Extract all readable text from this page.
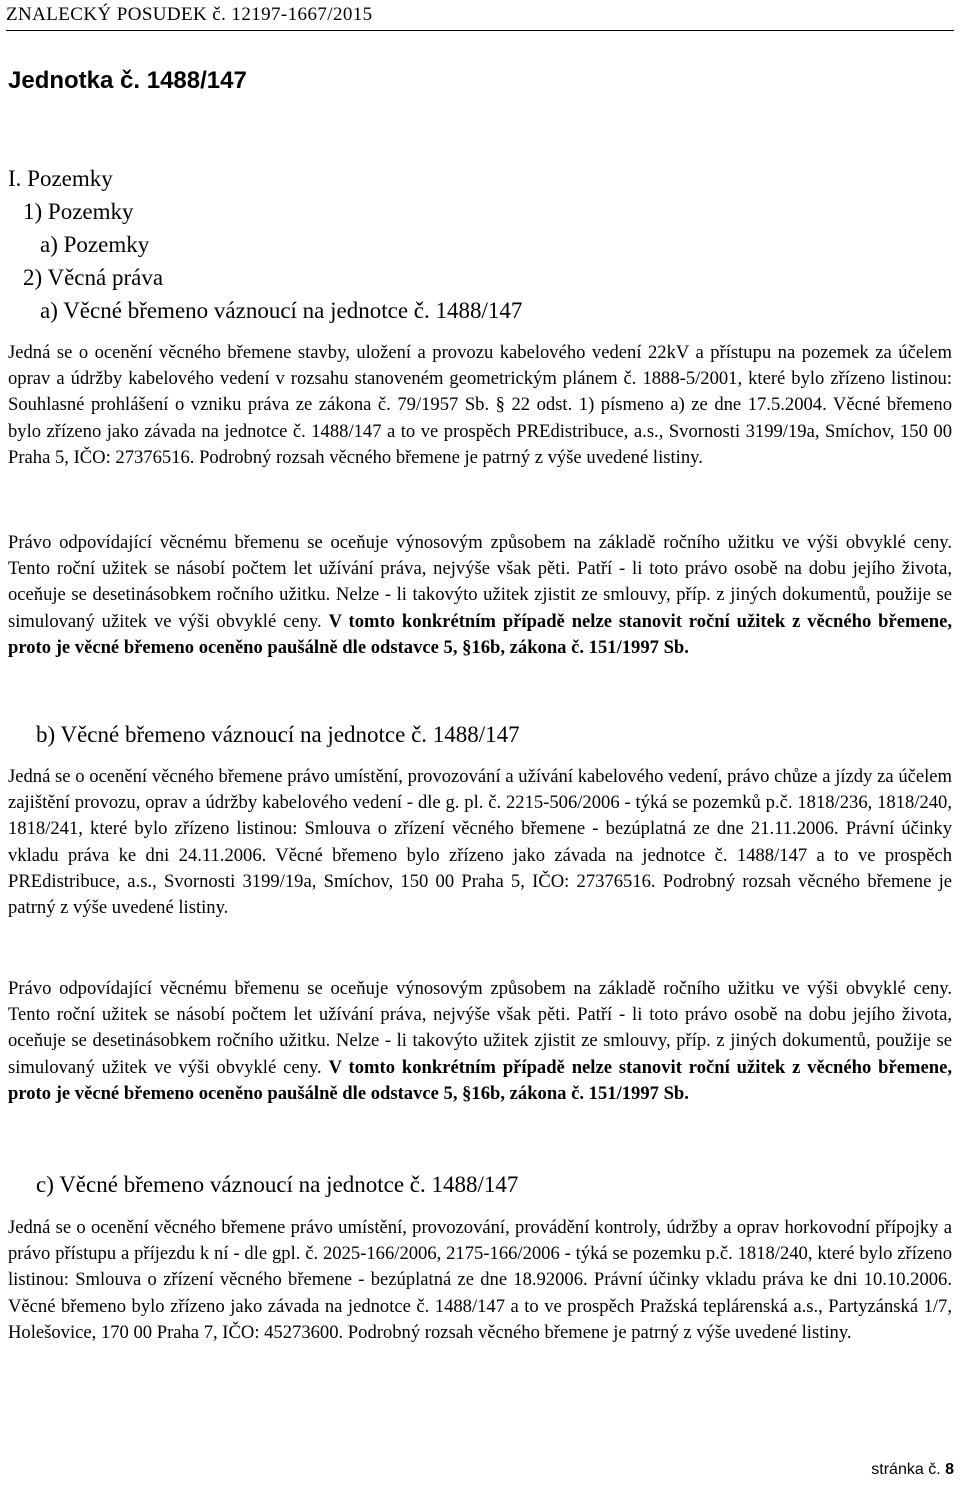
ZNALECKÝ POSUDEK č. 12197-1667/2015
Jednotka č. 1488/147
I. Pozemky
1) Pozemky
a) Pozemky
2) Věcná práva
a) Věcné břemeno váznoucí na jednotce č. 1488/147

Jedná se o ocenění věcného břemene stavby, uložení a provozu kabelového vedení 22kV a přístupu na pozemek za účelem oprav a údržby kabelového vedení v rozsahu stanoveném geometrickým plánem č. 1888-5/2001, které bylo zřízeno listinou: Souhlasné prohlášení o vzniku práva ze zákona č. 79/1957 Sb. § 22 odst. 1) písmeno a) ze dne 17.5.2004. Věcné břemeno bylo zřízeno jako závada na jednotce č. 1488/147 a to ve prospěch PREdistribuce, a.s., Svornosti 3199/19a, Smíchov, 150 00 Praha 5, IČO: 27376516. Podrobný rozsah věcného břemene je patrný z výše uvedené listiny.

Právo odpovídající věcnému břemenu se oceňuje výnosovým způsobem na základě ročního užitku ve výši obvyklé ceny. Tento roční užitek se násobí počtem let užívání práva, nejvýše však pěti. Patří - li toto právo osobě na dobu jejího života, oceňuje se desetinásobkem ročního užitku. Nelze - li takovýto užitek zjistit ze smlouvy, příp. z jiných dokumentů, použije se simulovaný užitek ve výši obvyklé ceny. V tomto konkrétním případě nelze stanovit roční užitek z věcného břemene, proto je věcné břemeno oceněno paušálně dle odstavce 5, §16b, zákona č. 151/1997 Sb.

b) Věcné břemeno váznoucí na jednotce č. 1488/147

Jedná se o ocenění věcného břemene právo umístění, provozování a užívání kabelového vedení, právo chůze a jízdy za účelem zajištění provozu, oprav a údržby kabelového vedení - dle g. pl. č. 2215-506/2006 - týká se pozemků p.č. 1818/236, 1818/240, 1818/241, které bylo zřízeno listinou: Smlouva o zřízení věcného břemene - bezúplatná ze dne 21.11.2006. Právní účinky vkladu práva ke dni 24.11.2006. Věcné břemeno bylo zřízeno jako závada na jednotce č. 1488/147 a to ve prospěch PREdistribuce, a.s., Svornosti 3199/19a, Smíchov, 150 00 Praha 5, IČO: 27376516. Podrobný rozsah věcného břemene je patrný z výše uvedené listiny.

Právo odpovídající věcnému břemenu se oceňuje výnosovým způsobem na základě ročního užitku ve výši obvyklé ceny. Tento roční užitek se násobí počtem let užívání práva, nejvýše však pěti. Patří - li toto právo osobě na dobu jejího života, oceňuje se desetinásobkem ročního užitku. Nelze - li takovýto užitek zjistit ze smlouvy, příp. z jiných dokumentů, použije se simulovaný užitek ve výši obvyklé ceny. V tomto konkrétním případě nelze stanovit roční užitek z věcného břemene, proto je věcné břemeno oceněno paušálně dle odstavce 5, §16b, zákona č. 151/1997 Sb.

c) Věcné břemeno váznoucí na jednotce č. 1488/147

Jedná se o ocenění věcného břemene právo umístění, provozování, provádění kontroly, údržby a oprav horkovodní přípojky a právo přístupu a příjezdu k ní - dle gpl. č. 2025-166/2006, 2175-166/2006 - týká se pozemku p.č. 1818/240, které bylo zřízeno listinou: Smlouva o zřízení věcného břemene - bezúplatná ze dne 18.92006. Právní účinky vkladu práva ke dni 10.10.2006. Věcné břemeno bylo zřízeno jako závada na jednotce č. 1488/147 a to ve prospěch Pražská teplárenská a.s., Partyzánská 1/7, Holešovice, 170 00 Praha 7, IČO: 45273600. Podrobný rozsah věcného břemene je patrný z výše uvedené listiny.

stránka č. 8
